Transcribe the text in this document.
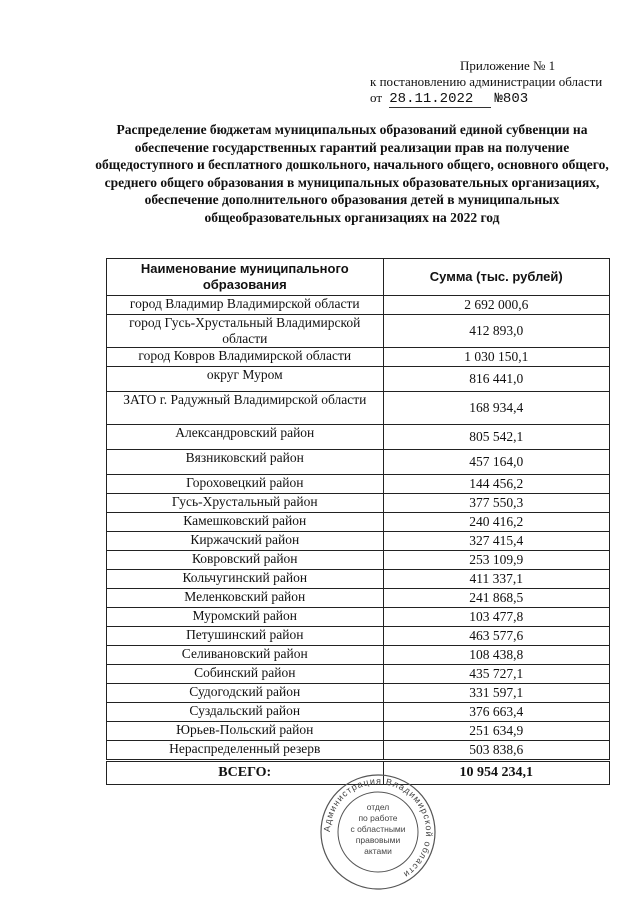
Приложение № 1
к постановлению администрации области
от 28.11.2022 №803
Распределение бюджетам муниципальных образований единой субвенции на обеспечение государственных гарантий реализации прав на получение общедоступного и бесплатного дошкольного, начального общего, основного общего, среднего общего образования в муниципальных образовательных организациях, обеспечение дополнительного образования детей в муниципальных общеобразовательных организациях на 2022 год
Наименование муниципального образования	Сумма (тыс. рублей)
город Владимир Владимирской области	2 692 000,6
город Гусь-Хрустальный Владимирской области	412 893,0
город Ковров Владимирской области	1 030 150,1
округ Муром	816 441,0
ЗАТО г. Радужный Владимирской области	168 934,4
Александровский район	805 542,1
Вязниковский район	457 164,0
Гороховецкий район	144 456,2
Гусь-Хрустальный район	377 550,3
Камешковский район	240 416,2
Киржачский район	327 415,4
Ковровский район	253 109,9
Кольчугинский район	411 337,1
Меленковский район	241 868,5
Муромский район	103 477,8
Петушинский район	463 577,6
Селивановский район	108 438,8
Собинский район	435 727,1
Судогодский район	331 597,1
Суздальский район	376 663,4
Юрьев-Польский район	251 634,9
Нераспределенный резерв	503 838,6
ВСЕГО:	10 954 234,1
Администрация Владимирской области
отдел
по работе
с областными
правовыми
актами
